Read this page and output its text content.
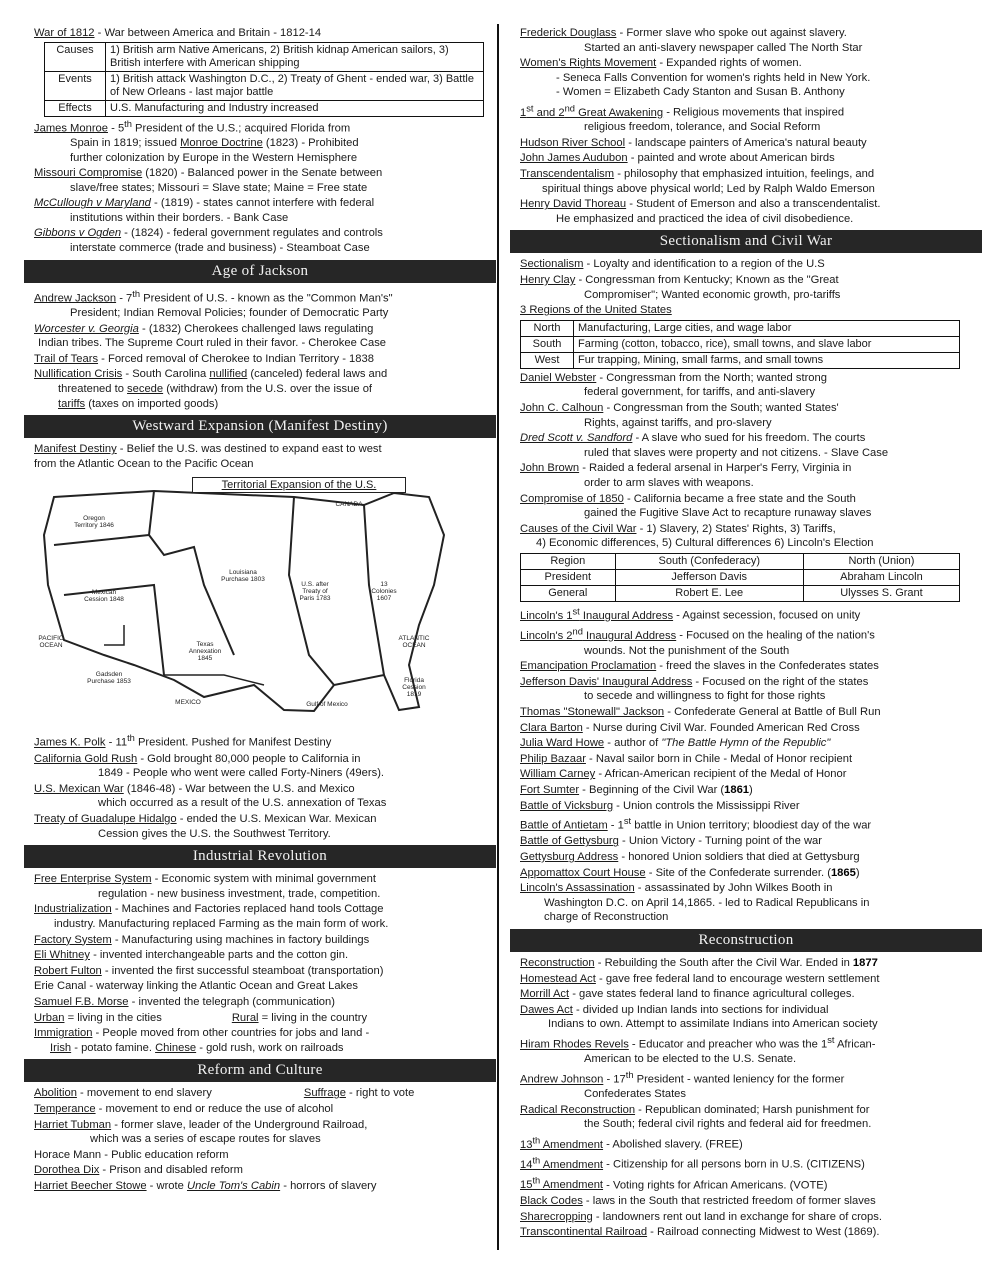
War of 1812 - War between America and Britain - 1812-14
Causes	1) British arm Native Americans, 2) British kidnap American sailors, 3) British interfere with American shipping
Events	1) British attack Washington D.C., 2) Treaty of Ghent - ended war, 3) Battle of New Orleans - last major battle
Effects	U.S. Manufacturing and Industry increased
James Monroe - 5th President of the U.S.; acquired Florida from
Spain in 1819; issued Monroe Doctrine (1823) - Prohibited
further colonization by Europe in the Western Hemisphere
Missouri Compromise (1820) - Balanced power in the Senate between
slave/free states; Missouri = Slave state; Maine = Free state
McCullough v Maryland - (1819) - states cannot interfere with federal
institutions within their borders. - Bank Case
Gibbons v Ogden - (1824) - federal government regulates and controls
interstate commerce (trade and business) - Steamboat Case
Age of Jackson
Andrew Jackson - 7th President of U.S. - known as the "Common Man's"
President; Indian Removal Policies; founder of Democratic Party
Worcester v. Georgia - (1832) Cherokees challenged laws regulating
Indian tribes. The Supreme Court ruled in their favor. - Cherokee Case
Trail of Tears - Forced removal of Cherokee to Indian Territory - 1838
Nullification Crisis - South Carolina nullified (canceled) federal laws and
threatened to secede (withdraw) from the U.S. over the issue of
tariffs (taxes on imported goods)
Westward Expansion (Manifest Destiny)
Manifest Destiny - Belief the U.S. was destined to expand east to west
from the Atlantic Ocean to the Pacific Ocean
Territorial Expansion of the U.S.
Oregon Territory 1846
CANADA
Louisiana Purchase 1803
U.S. after Treaty of Paris 1783
13 Colonies 1607
Mexican Cession 1848
Texas Annexation 1845
PACIFIC OCEAN
ATLANTIC OCEAN
Gadsden Purchase 1853
MEXICO	Gulf of Mexico
Florida Cession 1819
James K. Polk - 11th President. Pushed for Manifest Destiny
California Gold Rush - Gold brought 80,000 people to California in
1849 - People who went were called Forty-Niners (49ers).
U.S. Mexican War (1846-48) - War between the U.S. and Mexico
which occurred as a result of the U.S. annexation of Texas
Treaty of Guadalupe Hidalgo - ended the U.S. Mexican War. Mexican
Cession gives the U.S. the Southwest Territory.
Industrial Revolution
Free Enterprise System - Economic system with minimal government
regulation - new business investment, trade, competition.
Industrialization - Machines and Factories replaced hand tools Cottage
industry. Manufacturing replaced Farming as the main form of work.
Factory System - Manufacturing using machines in factory buildings
Eli Whitney - invented interchangeable parts and the cotton gin.
Robert Fulton - invented the first successful steamboat (transportation)
Erie Canal - waterway linking the Atlantic Ocean and Great Lakes
Samuel F.B. Morse - invented the telegraph (communication)
Urban = living in the cities	Rural = living in the country
Immigration - People moved from other countries for jobs and land -
Irish - potato famine. Chinese - gold rush, work on railroads
Reform and Culture
Abolition - movement to end slavery	Suffrage - right to vote
Temperance - movement to end or reduce the use of alcohol
Harriet Tubman - former slave, leader of the Underground Railroad,
which was a series of escape routes for slaves
Horace Mann - Public education reform
Dorothea Dix - Prison and disabled reform
Harriet Beecher Stowe - wrote Uncle Tom's Cabin - horrors of slavery
Frederick Douglass - Former slave who spoke out against slavery.
Started an anti-slavery newspaper called The North Star
Women's Rights Movement - Expanded rights of women.
- Seneca Falls Convention for women's rights held in New York.
- Women = Elizabeth Cady Stanton and Susan B. Anthony
1st and 2nd Great Awakening - Religious movements that inspired
religious freedom, tolerance, and Social Reform
Hudson River School - landscape painters of America's natural beauty
John James Audubon - painted and wrote about American birds
Transcendentalism - philosophy that emphasized intuition, feelings, and
spiritual things above physical world; Led by Ralph Waldo Emerson
Henry David Thoreau - Student of Emerson and also a transcendentalist.
He emphasized and practiced the idea of civil disobedience.
Sectionalism and Civil War
Sectionalism - Loyalty and identification to a region of the U.S
Henry Clay - Congressman from Kentucky; Known as the "Great
Compromiser"; Wanted economic growth, pro-tariffs
3 Regions of the United States
North	Manufacturing, Large cities, and wage labor
South	Farming (cotton, tobacco, rice), small towns, and slave labor
West	Fur trapping, Mining, small farms, and small towns
Daniel Webster - Congressman from the North; wanted strong
federal government, for tariffs, and anti-slavery
John C. Calhoun - Congressman from the South; wanted States'
Rights, against tariffs, and pro-slavery
Dred Scott v. Sandford - A slave who sued for his freedom. The courts
ruled that slaves were property and not citizens. - Slave Case
John Brown - Raided a federal arsenal in Harper's Ferry, Virginia in
order to arm slaves with weapons.
Compromise of 1850 - California became a free state and the South
gained the Fugitive Slave Act to recapture runaway slaves
Causes of the Civil War - 1) Slavery, 2) States' Rights, 3) Tariffs,
4) Economic differences, 5) Cultural differences 6) Lincoln's Election
Region	South (Confederacy)	North (Union)
President	Jefferson Davis	Abraham Lincoln
General	Robert E. Lee	Ulysses S. Grant
Lincoln's 1st Inaugural Address - Against secession, focused on unity
Lincoln's 2nd Inaugural Address - Focused on the healing of the nation's
wounds. Not the punishment of the South
Emancipation Proclamation - freed the slaves in the Confederates states
Jefferson Davis' Inaugural Address - Focused on the right of the states
to secede and willingness to fight for those rights
Thomas "Stonewall" Jackson - Confederate General at Battle of Bull Run
Clara Barton - Nurse during Civil War. Founded American Red Cross
Julia Ward Howe - author of "The Battle Hymn of the Republic"
Philip Bazaar - Naval sailor born in Chile - Medal of Honor recipient
William Carney - African-American recipient of the Medal of Honor
Fort Sumter - Beginning of the Civil War (1861)
Battle of Vicksburg - Union controls the Mississippi River
Battle of Antietam - 1st battle in Union territory; bloodiest day of the war
Battle of Gettysburg - Union Victory - Turning point of the war
Gettysburg Address - honored Union soldiers that died at Gettysburg
Appomattox Court House - Site of the Confederate surrender. (1865)
Lincoln's Assassination - assassinated by John Wilkes Booth in
Washington D.C. on April 14,1865. - led to Radical Republicans in
charge of Reconstruction
Reconstruction
Reconstruction - Rebuilding the South after the Civil War. Ended in 1877
Homestead Act - gave free federal land to encourage western settlement
Morrill Act - gave states federal land to finance agricultural colleges.
Dawes Act - divided up Indian lands into sections for individual
Indians to own. Attempt to assimilate Indians into American society
Hiram Rhodes Revels - Educator and preacher who was the 1st African-
American to be elected to the U.S. Senate.
Andrew Johnson - 17th President - wanted leniency for the former
Confederates States
Radical Reconstruction - Republican dominated; Harsh punishment for
the South; federal civil rights and federal aid for freedmen.
13th Amendment - Abolished slavery. (FREE)
14th Amendment - Citizenship for all persons born in U.S. (CITIZENS)
15th Amendment - Voting rights for African Americans. (VOTE)
Black Codes - laws in the South that restricted freedom of former slaves
Sharecropping - landowners rent out land in exchange for share of crops.
Transcontinental Railroad - Railroad connecting Midwest to West (1869).
